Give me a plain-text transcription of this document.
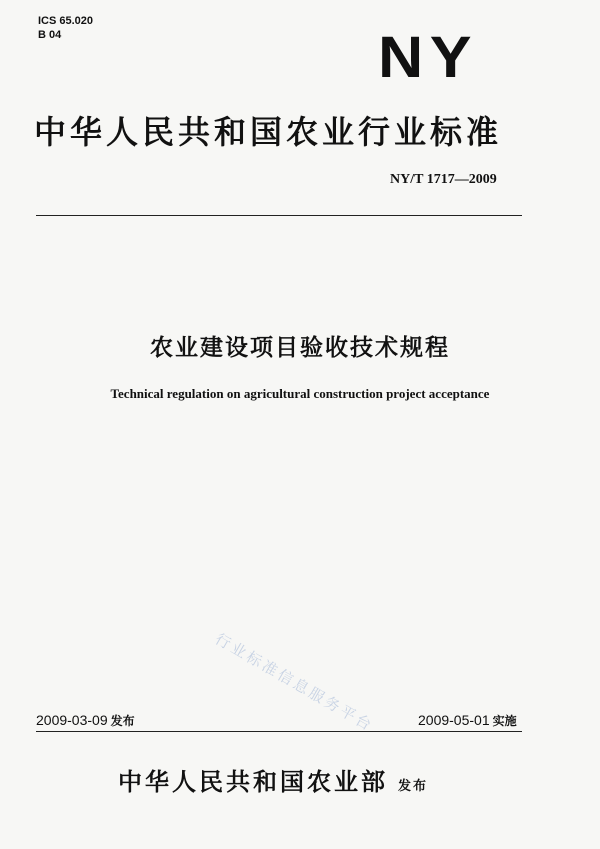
ICS 65.020
B 04	NY
中华人民共和国农业行业标准
NY/T 1717—2009
农业建设项目验收技术规程
Technical regulation on agricultural construction project acceptance
行业标准信息服务平台
2009-03-09 发布	2009-05-01 实施
中华人民共和国农业部 发布
